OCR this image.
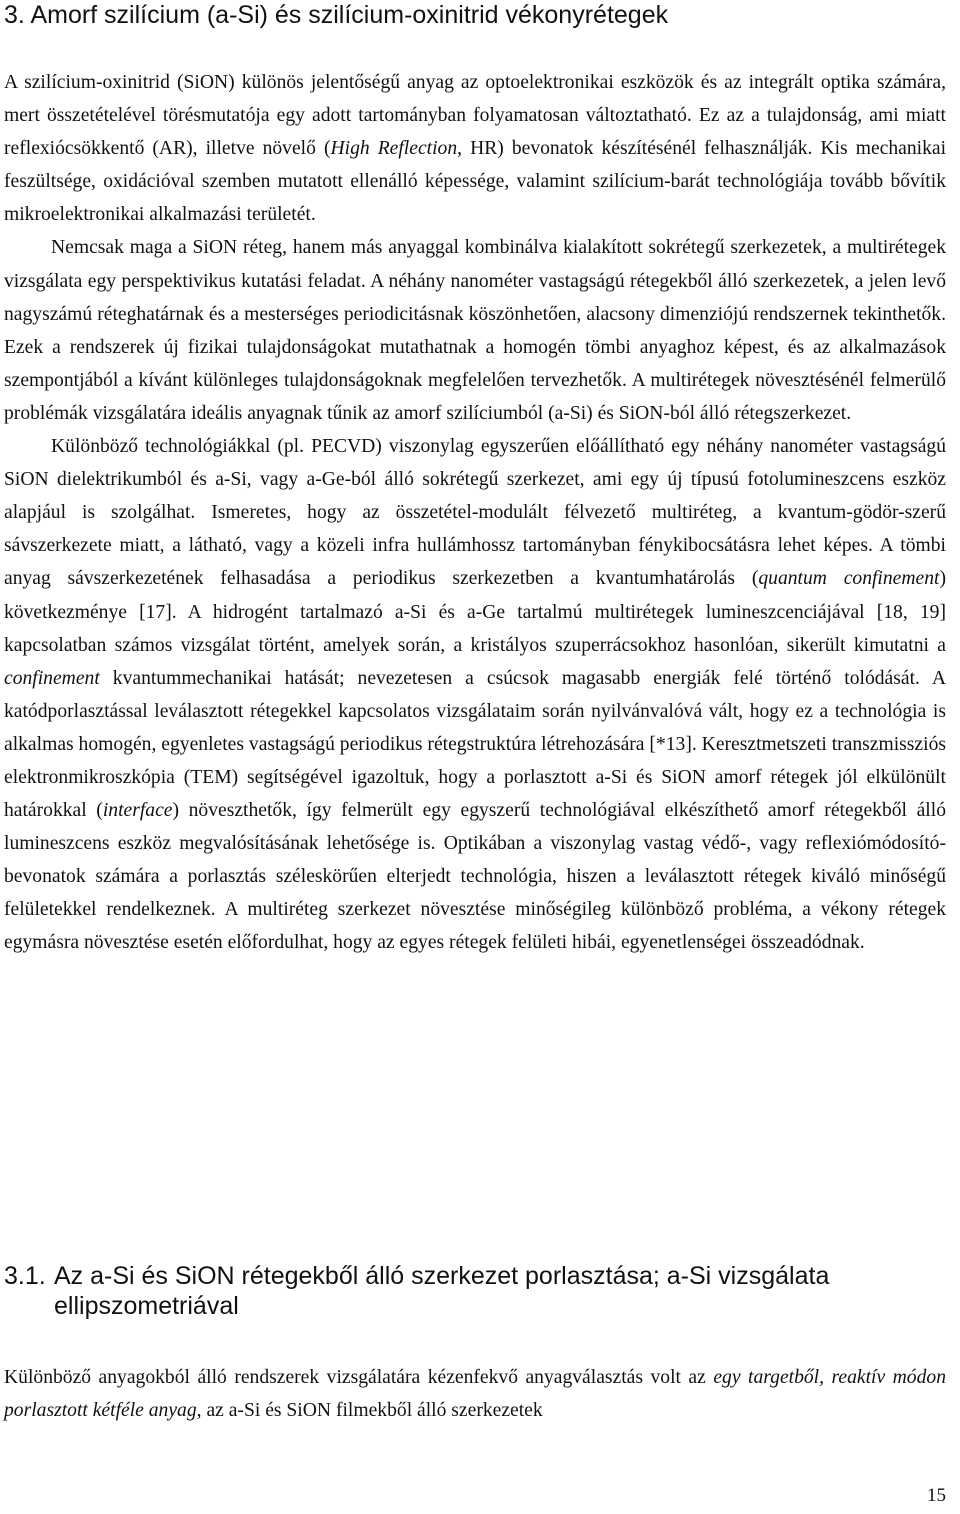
3. Amorf szilícium (a-Si) és szilícium-oxinitrid vékonyrétegek

A szilícium-oxinitrid (SiON) különös jelentőségű anyag az optoelektronikai eszközök és az integrált optika számára, mert összetételével törésmutatója egy adott tartományban folyamatosan változtatható. Ez az a tulajdonság, ami miatt reflexiócsökkentő (AR), illetve növelő (High Reflection, HR) bevonatok készítésénél felhasználják. Kis mechanikai feszültsége, oxidációval szemben mutatott ellenálló képessége, valamint szilícium-barát technológiája tovább bővítik mikroelektronikai alkalmazási területét.

Nemcsak maga a SiON réteg, hanem más anyaggal kombinálva kialakított sokrétegű szerkezetek, a multirétegek vizsgálata egy perspektivikus kutatási feladat. A néhány nanométer vastagságú rétegekből álló szerkezetek, a jelen levő nagyszámú réteghatárnak és a mesterséges periodicitásnak köszönhetően, alacsony dimenziójú rendszernek tekinthetők. Ezek a rendszerek új fizikai tulajdonságokat mutathatnak a homogén tömbi anyaghoz képest, és az alkalmazások szempontjából a kívánt különleges tulajdonságoknak megfelelően tervezhetők. A multirétegek növesztésénél felmerülő problémák vizsgálatára ideális anyagnak tűnik az amorf szilíciumból (a-Si) és SiON-ból álló rétegszerkezet.

Különböző technológiákkal (pl. PECVD) viszonylag egyszerűen előállítható egy néhány nanométer vastagságú SiON dielektrikumból és a-Si, vagy a-Ge-ból álló sokrétegű szerkezet, ami egy új típusú fotolumineszcens eszköz alapjául is szolgálhat. Ismeretes, hogy az összetétel-modulált félvezető multiréteg, a kvantum-gödör-szerű sávszerkezete miatt, a látható, vagy a közeli infra hullámhossz tartományban fénykibocsátásra lehet képes. A tömbi anyag sávszerkezetének felhasadása a periodikus szerkezetben a kvantumhatárolás (quantum confinement) következménye [17]. A hidrogént tartalmazó a-Si és a-Ge tartalmú multirétegek lumineszcenciájával [18, 19] kapcsolatban számos vizsgálat történt, amelyek során, a kristályos szuperrácsokhoz hasonlóan, sikerült kimutatni a confinement kvantummechanikai hatását; nevezetesen a csúcsok magasabb energiák felé történő tolódását. A katódporlasztással leválasztott rétegekkel kapcsolatos vizsgálataim során nyilvánvalóvá vált, hogy ez a technológia is alkalmas homogén, egyenletes vastagságú periodikus rétegstruktúra létrehozására [*13]. Keresztmetszeti transzmissziós elektronmikroszkópia (TEM) segítségével igazoltuk, hogy a porlasztott a-Si és SiON amorf rétegek jól elkülönült határokkal (interface) növeszthetők, így felmerült egy egyszerű technológiával elkészíthető amorf rétegekből álló lumineszcens eszköz megvalósításának lehetősége is. Optikában a viszonylag vastag védő-, vagy reflexiómódosító-bevonatok számára a porlasztás széleskörűen elterjedt technológia, hiszen a leválasztott rétegek kiváló minőségű felületekkel rendelkeznek. A multiréteg szerkezet növesztése minőségileg különböző probléma, a vékony rétegek egymásra növesztése esetén előfordulhat, hogy az egyes rétegek felületi hibái, egyenetlenségei összeadódnak.

3.1. Az a-Si és SiON rétegekből álló szerkezet porlasztása; a-Si vizsgálata ellipszometriával

Különböző anyagokból álló rendszerek vizsgálatára kézenfekvő anyagválasztás volt az egy targetből, reaktív módon porlasztott kétféle anyag, az a-Si és SiON filmekből álló szerkezetek

15
